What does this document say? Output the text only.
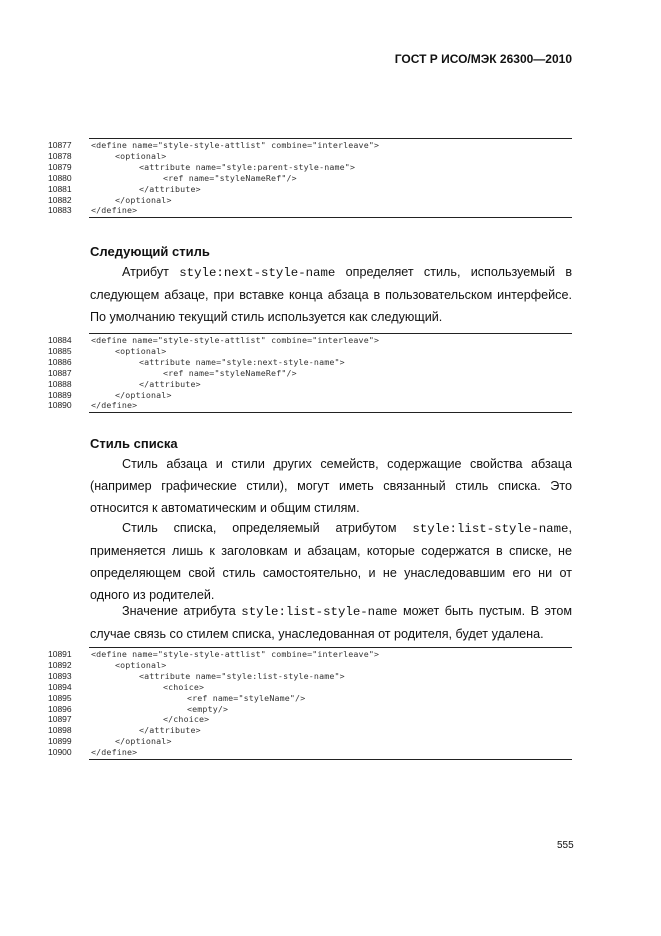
ГОСТ Р ИСО/МЭК 26300—2010
10877	<define name="style-style-attlist" combine="interleave">
10878	<optional>
10879	<attribute name="style:parent-style-name">
10880	<ref name="styleNameRef"/>
10881	</attribute>
10882	</optional>
10883	</define>
Следующий стиль
Атрибут style:next-style-name определяет стиль, используемый в следующем абзаце, при вставке конца абзаца в пользовательском интерфейсе. По умолчанию текущий стиль используется как следующий.
10884	<define name="style-style-attlist" combine="interleave">
10885	<optional>
10886	<attribute name="style:next-style-name">
10887	<ref name="styleNameRef"/>
10888	</attribute>
10889	</optional>
10890	</define>
Стиль списка
Стиль абзаца и стили других семейств, содержащие свойства абзаца (например графические стили), могут иметь связанный стиль списка. Это относится к автоматическим и общим стилям.
Стиль списка, определяемый атрибутом style:list-style-name, применяется лишь к заголовкам и абзацам, которые содержатся в списке, не определяющем свой стиль самостоятельно, и не унаследовавшим его ни от одного из родителей.
Значение атрибута style:list-style-name может быть пустым. В этом случае связь со стилем списка, унаследованная от родителя, будет удалена.
10891	<define name="style-style-attlist" combine="interleave">
10892	<optional>
10893	<attribute name="style:list-style-name">
10894	<choice>
10895	<ref name="styleName"/>
10896	<empty/>
10897	</choice>
10898	</attribute>
10899	</optional>
10900	</define>
555
